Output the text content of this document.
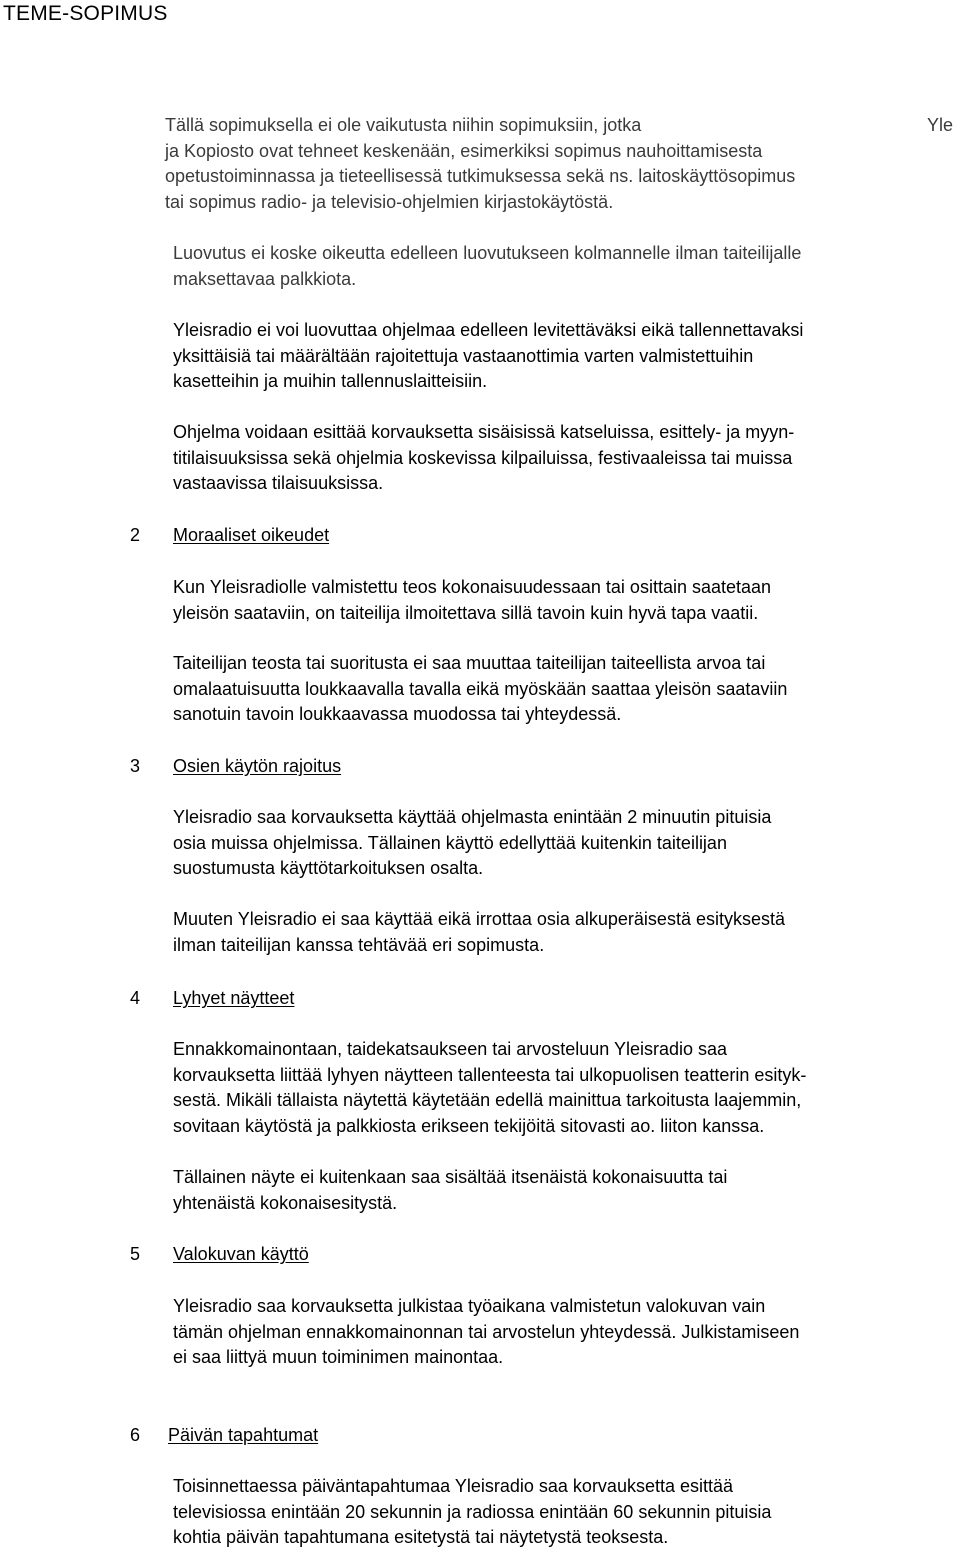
TEME-SOPIMUS
Tällä sopimuksella ei ole vaikutusta niihin sopimuksiin, jotka
ja Kopiosto ovat tehneet keskenään, esimerkiksi sopimus nauhoittamisesta
opetustoiminnassa ja tieteellisessä tutkimuksessa sekä ns. laitoskäyttösopimus
tai sopimus radio- ja televisio-ohjelmien kirjastokäytöstä.
Yle
Luovutus ei koske oikeutta edelleen luovutukseen kolmannelle ilman taiteilijalle
maksettavaa palkkiota.
Yleisradio ei voi luovuttaa ohjelmaa edelleen levitettäväksi eikä tallennettavaksi
yksittäisiä tai määrältään rajoitettuja vastaanottimia varten valmistettuihin
kasetteihin ja muihin tallennuslaitteisiin.
Ohjelma voidaan esittää korvauksetta sisäisissä katseluissa, esittely- ja myyn-
titilaisuuksissa sekä ohjelmia koskevissa kilpailuissa, festivaaleissa tai muissa
vastaavissa tilaisuuksissa.
2 Moraaliset oikeudet
Kun Yleisradiolle valmistettu teos kokonaisuudessaan tai osittain saatetaan
yleisön saataviin, on taiteilija ilmoitettava sillä tavoin kuin hyvä tapa vaatii.
Taiteilijan teosta tai suoritusta ei saa muuttaa taiteilijan taiteellista arvoa tai
omalaatuisuutta loukkaavalla tavalla eikä myöskään saattaa yleisön saataviin
sanotuin tavoin loukkaavassa muodossa tai yhteydessä.
3 Osien käytön rajoitus
Yleisradio saa korvauksetta käyttää ohjelmasta enintään 2 minuutin pituisia
osia muissa ohjelmissa. Tällainen käyttö edellyttää kuitenkin taiteilijan
suostumusta käyttötarkoituksen osalta.
Muuten Yleisradio ei saa käyttää eikä irrottaa osia alkuperäisestä esityksestä
ilman taiteilijan kanssa tehtävää eri sopimusta.
4 Lyhyet näytteet
Ennakkomainontaan, taidekatsaukseen tai arvosteluun Yleisradio saa
korvauksetta liittää lyhyen näytteen tallenteesta tai ulkopuolisen teatterin esityk-
sestä. Mikäli tällaista näytettä käytetään edellä mainittua tarkoitusta laajemmin,
sovitaan käytöstä ja palkkiosta erikseen tekijöitä sitovasti ao. liiton kanssa.
Tällainen näyte ei kuitenkaan saa sisältää itsenäistä kokonaisuutta tai
yhtenäistä kokonaisesitystä.
5 Valokuvan käyttö
Yleisradio saa korvauksetta julkistaa työaikana valmistetun valokuvan vain
tämän ohjelman ennakkomainonnan tai arvostelun yhteydessä. Julkistamiseen
ei saa liittyä muun toiminimen mainontaa.
6 Päivän tapahtumat
Toisinnettaessa päiväntapahtumaa Yleisradio saa korvauksetta esittää
televisiossa enintään 20 sekunnin ja radiossa enintään 60 sekunnin pituisia
kohtia päivän tapahtumana esitetystä tai näytetystä teoksesta.
